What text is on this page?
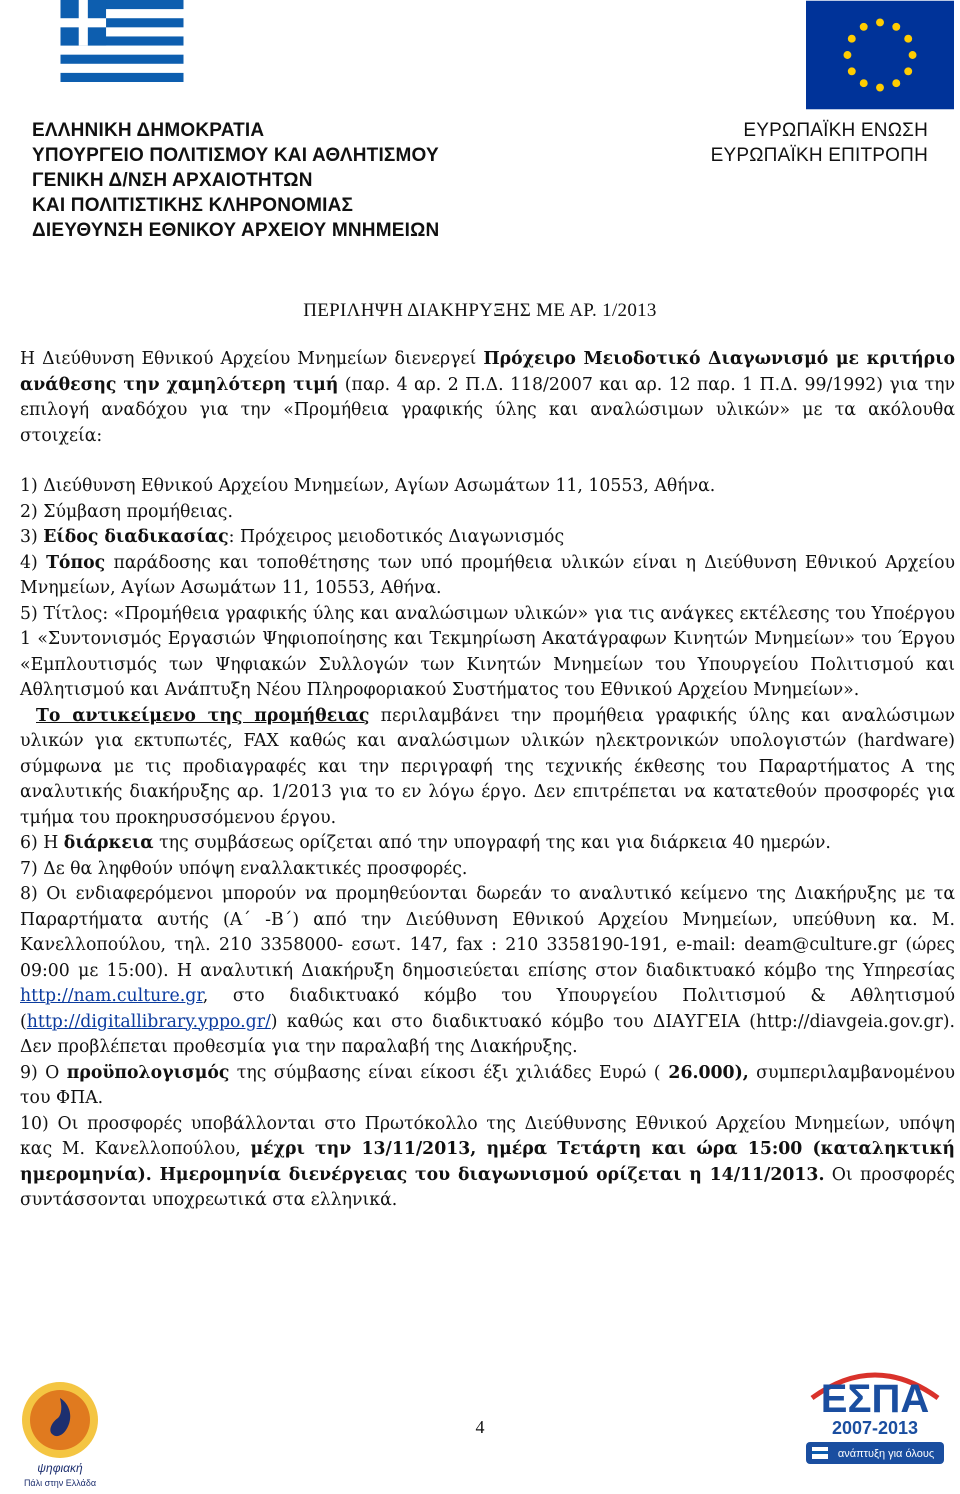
ΕΛΛΗΝΙΚΗ ΔΗΜΟΚΡΑΤΙΑ
ΥΠΟΥΡΓΕΙΟ ΠΟΛΙΤΙΣΜΟΥ ΚΑΙ ΑΘΛΗΤΙΣΜΟΥ
ΓΕΝΙΚΗ Δ/ΝΣΗ ΑΡΧΑΙΟΤΗΤΩΝ
ΚΑΙ ΠΟΛΙΤΙΣΤΙΚΗΣ ΚΛΗΡΟΝΟΜΙΑΣ
ΔΙΕΥΘΥΝΣΗ ΕΘΝΙΚΟΥ ΑΡΧΕΙΟΥ ΜΝΗΜΕΙΩΝ
ΕΥΡΩΠΑΪΚΗ ΕΝΩΣΗ
ΕΥΡΩΠΑΪΚΗ ΕΠΙΤΡΟΠΗ
ΠΕΡΙΛΗΨΗ ΔΙΑΚΗΡΥΞΗΣ ΜΕ ΑΡ. 1/2013

Η Διεύθυνση Εθνικού Αρχείου Μνημείων διενεργεί Πρόχειρο Μειοδοτικό Διαγωνισμό με κριτήριο ανάθεσης την χαμηλότερη τιμή (παρ. 4 αρ. 2 Π.Δ. 118/2007 και αρ. 12 παρ. 1 Π.Δ. 99/1992) για την επιλογή αναδόχου για την «Προμήθεια γραφικής ύλης και αναλώσιμων υλικών» με τα ακόλουθα στοιχεία:

1) Διεύθυνση Εθνικού Αρχείου Μνημείων, Αγίων Ασωμάτων 11, 10553, Αθήνα.

2) Σύμβαση προμήθειας.

3) Είδος διαδικασίας: Πρόχειρος μειοδοτικός Διαγωνισμός

4) Τόπος παράδοσης και τοποθέτησης των υπό προμήθεια υλικών είναι η Διεύθυνση Εθνικού Αρχείου Μνημείων, Αγίων Ασωμάτων 11, 10553, Αθήνα.

5) Τίτλος: «Προμήθεια γραφικής ύλης και αναλώσιμων υλικών» για τις ανάγκες εκτέλεσης του Υποέργου 1 «Συντονισμός Εργασιών Ψηφιοποίησης και Τεκμηρίωση Ακατάγραφων Κινητών Μνημείων» του Έργου «Εμπλουτισμός των Ψηφιακών Συλλογών των Κινητών Μνημείων του Υπουργείου Πολιτισμού και Αθλητισμού και Ανάπτυξη Νέου Πληροφοριακού Συστήματος του Εθνικού Αρχείου Μνημείων».

Το αντικείμενο της προμήθειας περιλαμβάνει την προμήθεια γραφικής ύλης και αναλώσιμων υλικών για εκτυπωτές, FAX καθώς και αναλώσιμων υλικών ηλεκτρονικών υπολογιστών (hardware) σύμφωνα με τις προδιαγραφές και την περιγραφή της τεχνικής έκθεσης του Παραρτήματος Α της αναλυτικής διακήρυξης αρ. 1/2013 για το εν λόγω έργο. Δεν επιτρέπεται να κατατεθούν προσφορές για τμήμα του προκηρυσσόμενου έργου.

6) Η διάρκεια της συμβάσεως ορίζεται από την υπογραφή της και για διάρκεια 40 ημερών.

7) Δε θα ληφθούν υπόψη εναλλακτικές προσφορές.

8) Οι ενδιαφερόμενοι μπορούν να προμηθεύονται δωρεάν το αναλυτικό κείμενο της Διακήρυξης με τα Παραρτήματα αυτής (Α΄ -Β΄) από την Διεύθυνση Εθνικού Αρχείου Μνημείων, υπεύθυνη κα. Μ. Κανελλοπούλου, τηλ. 210 3358000- εσωτ. 147, fax : 210 3358190-191, e-mail: deam@culture.gr (ώρες 09:00 με 15:00). Η αναλυτική Διακήρυξη δημοσιεύεται επίσης στον διαδικτυακό κόμβο της Υπηρεσίας http://nam.culture.gr, στο διαδικτυακό κόμβο του Υπουργείου Πολιτισμού & Αθλητισμού (http://digitallibrary.yppo.gr/) καθώς και στο διαδικτυακό κόμβο του ΔΙΑΥΓΕΙΑ (http://diavgeia.gov.gr). Δεν προβλέπεται προθεσμία για την παραλαβή της Διακήρυξης.

9) Ο προϋπολογισμός της σύμβασης είναι είκοσι έξι χιλιάδες Ευρώ ( 26.000), συμπεριλαμβανομένου του ΦΠΑ.

10) Οι προσφορές υποβάλλονται στο Πρωτόκολλο της Διεύθυνσης Εθνικού Αρχείου Μνημείων, υπόψη κας Μ. Κανελλοπούλου, μέχρι την 13/11/2013, ημέρα Τετάρτη και ώρα 15:00 (καταληκτική ημερομηνία). Ημερομηνία διενέργειας του διαγωνισμού ορίζεται η 14/11/2013. Οι προσφορές συντάσσονται υποχρεωτικά στα ελληνικά.

4
ψηφιακή
Πάλι στην Ελλάδα
ΕΣΠΑ
2007-2013
ανάπτυξη για όλους
